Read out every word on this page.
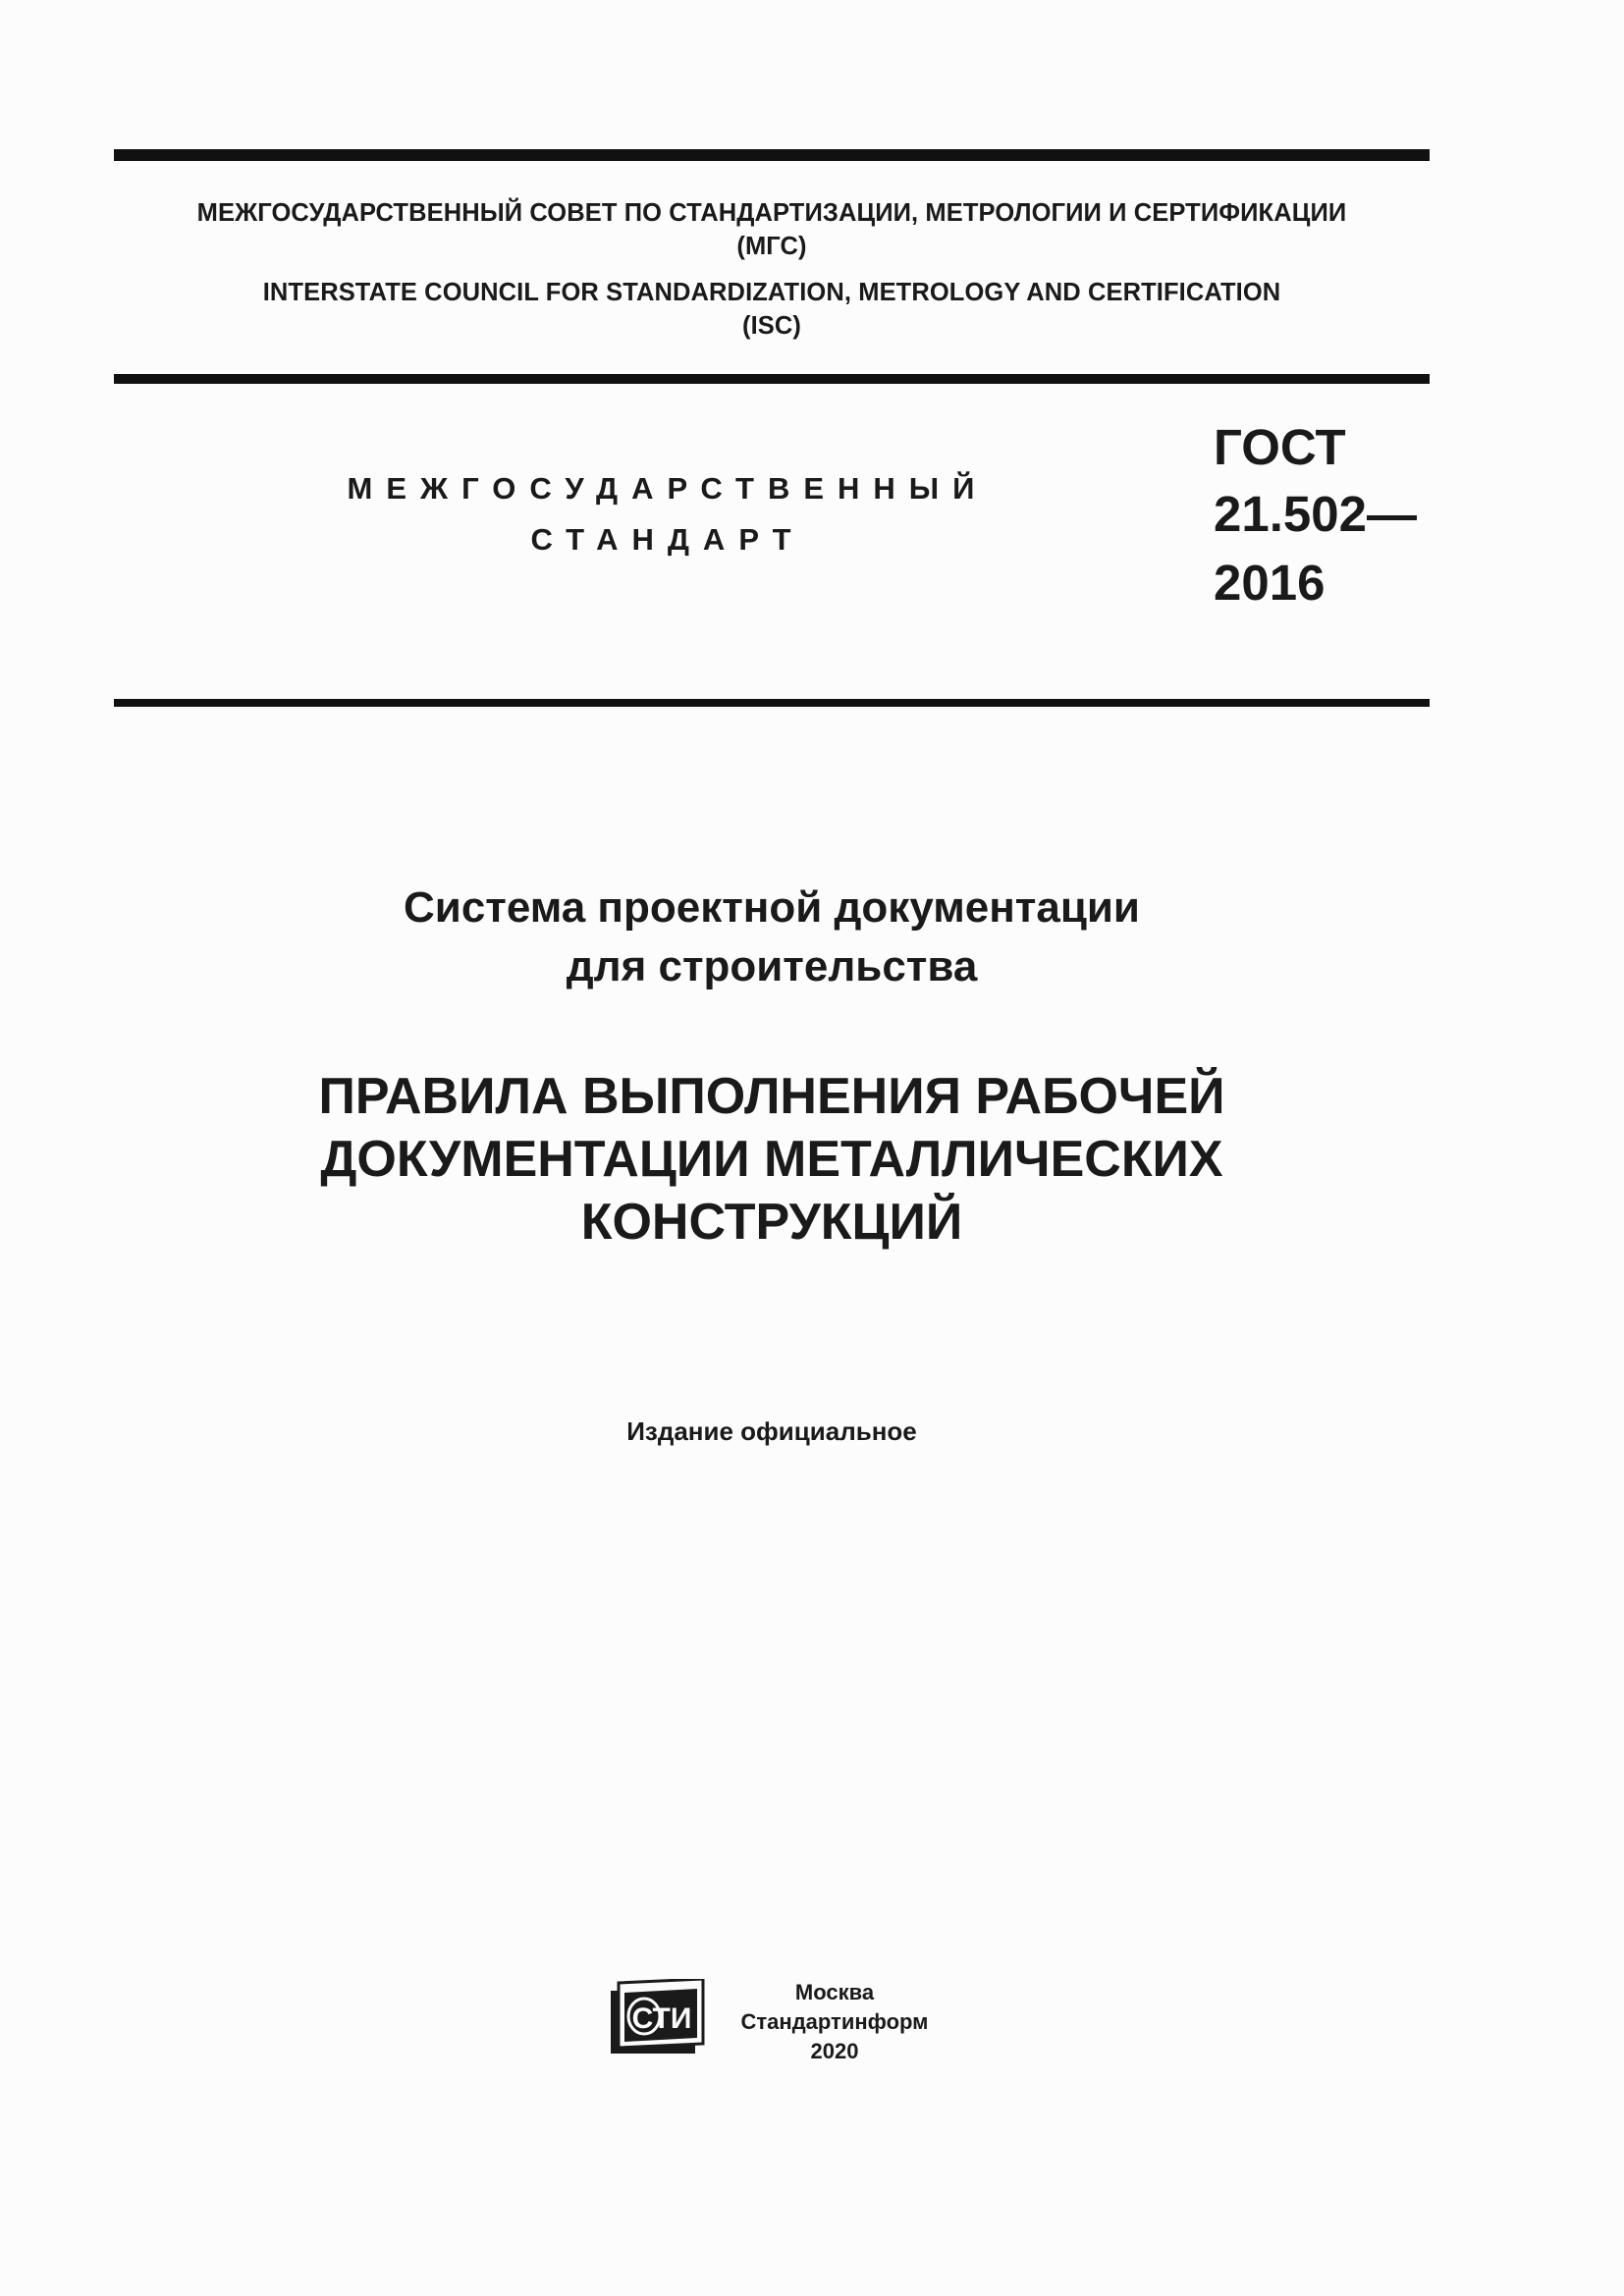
МЕЖГОСУДАРСТВЕННЫЙ СОВЕТ ПО СТАНДАРТИЗАЦИИ, МЕТРОЛОГИИ И СЕРТИФИКАЦИИ
(МГС)
INTERSTATE COUNCIL FOR STANDARDIZATION, METROLOGY AND CERTIFICATION
(ISC)
МЕЖГОСУДАРСТВЕННЫЙ
СТАНДАРТ
ГОСТ
21.502—
2016
Система проектной документации
для строительства
ПРАВИЛА ВЫПОЛНЕНИЯ РАБОЧЕЙ
ДОКУМЕНТАЦИИ МЕТАЛЛИЧЕСКИХ
КОНСТРУКЦИЙ
Издание официальное
СТИ
Москва
Стандартинформ
2020
